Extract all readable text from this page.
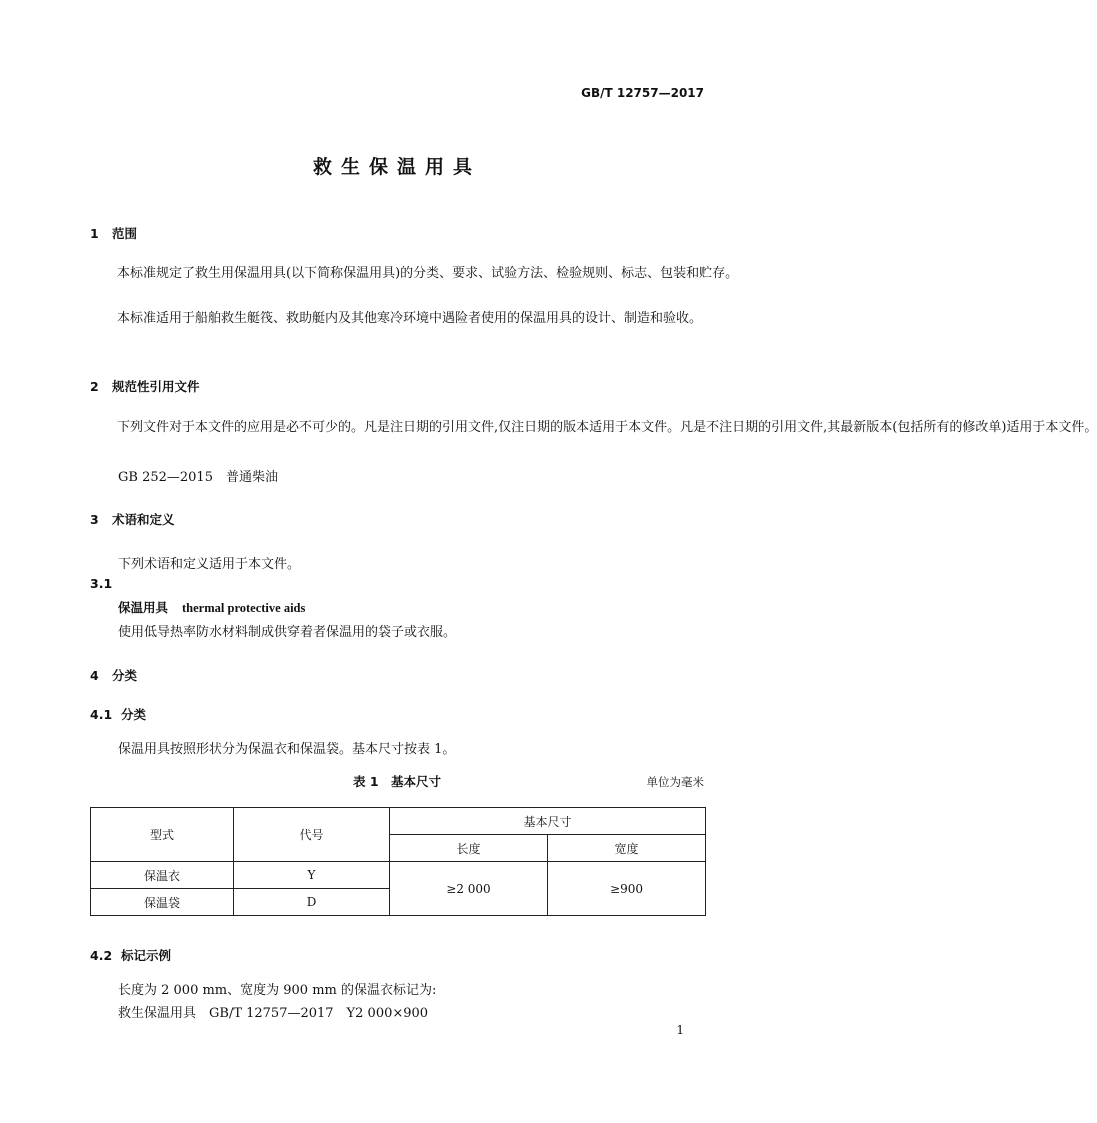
GB/T 12757—2017
救生保温用具
1 范围
本标准规定了救生用保温用具(以下简称保温用具)的分类、要求、试验方法、检验规则、标志、包装和贮存。
本标准适用于船舶救生艇筏、救助艇内及其他寒冷环境中遇险者使用的保温用具的设计、制造和验收。
2 规范性引用文件
下列文件对于本文件的应用是必不可少的。凡是注日期的引用文件,仅注日期的版本适用于本文件。凡是不注日期的引用文件,其最新版本(包括所有的修改单)适用于本文件。
GB 252—2015　普通柴油
3 术语和定义
下列术语和定义适用于本文件。
3.1
保温用具 thermal protective aids
使用低导热率防水材料制成供穿着者保温用的袋子或衣服。
4 分类
4.1 分类
保温用具按照形状分为保温衣和保温袋。基本尺寸按表 1。
表 1　基本尺寸	单位为毫米
型式	代号	基本尺寸	
		长度	宽度
保温衣	Y	≥2 000	≥900
保温袋	D		
4.2 标记示例
长度为 2 000 mm、宽度为 900 mm 的保温衣标记为:
救生保温用具　GB/T 12757—2017　Y2 000×900
1
